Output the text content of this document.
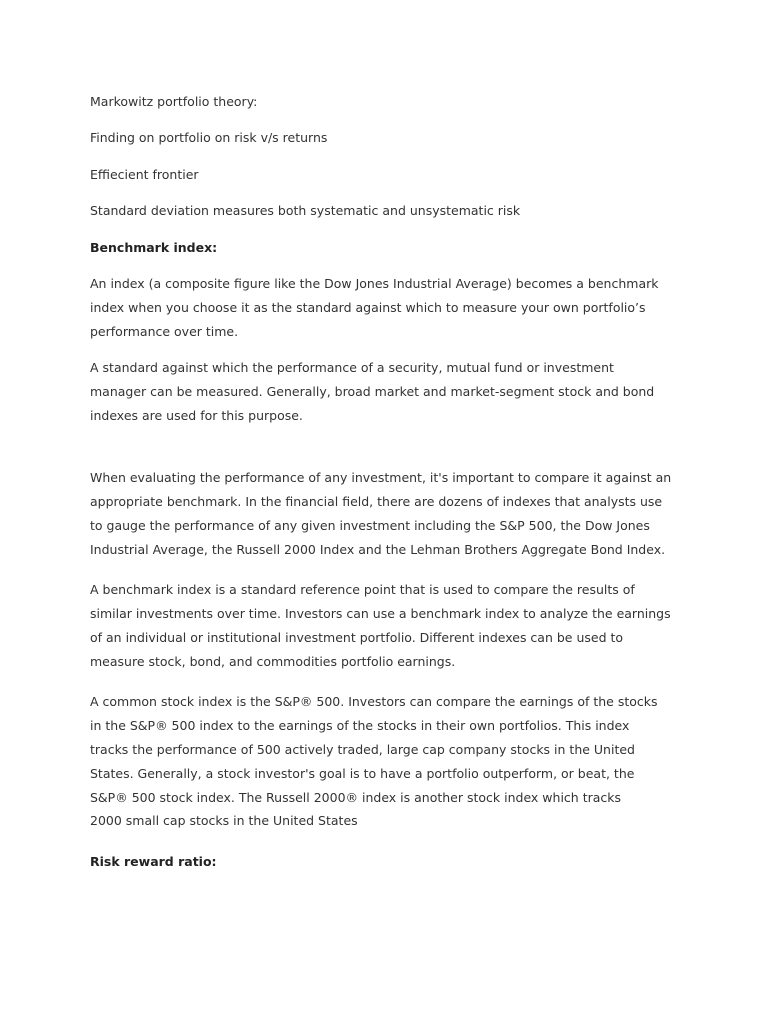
Markowitz portfolio theory:
Finding on portfolio on risk v/s returns
Effiecient frontier
Standard deviation measures both systematic and unsystematic risk
Benchmark index:
An index (a composite figure like the Dow Jones Industrial Average) becomes a benchmark
index when you choose it as the standard against which to measure your own portfolio’s
performance over time.
A standard against which the performance of a security, mutual fund or investment
manager can be measured. Generally, broad market and market-segment stock and bond
indexes are used for this purpose.
When evaluating the performance of any investment, it's important to compare it against an
appropriate benchmark. In the financial field, there are dozens of indexes that analysts use
to gauge the performance of any given investment including the S&P 500, the Dow Jones
Industrial Average, the Russell 2000 Index and the Lehman Brothers Aggregate Bond Index.
A benchmark index is a standard reference point that is used to compare the results of
similar investments over time. Investors can use a benchmark index to analyze the earnings
of an individual or institutional investment portfolio. Different indexes can be used to
measure stock, bond, and commodities portfolio earnings.
A common stock index is the S&P® 500. Investors can compare the earnings of the stocks
in the S&P® 500 index to the earnings of the stocks in their own portfolios. This index
tracks the performance of 500 actively traded, large cap company stocks in the United
States. Generally, a stock investor's goal is to have a portfolio outperform, or beat, the
S&P® 500 stock index. The Russell 2000® index is another stock index which tracks
2000 small cap stocks in the United States
Risk reward ratio:
